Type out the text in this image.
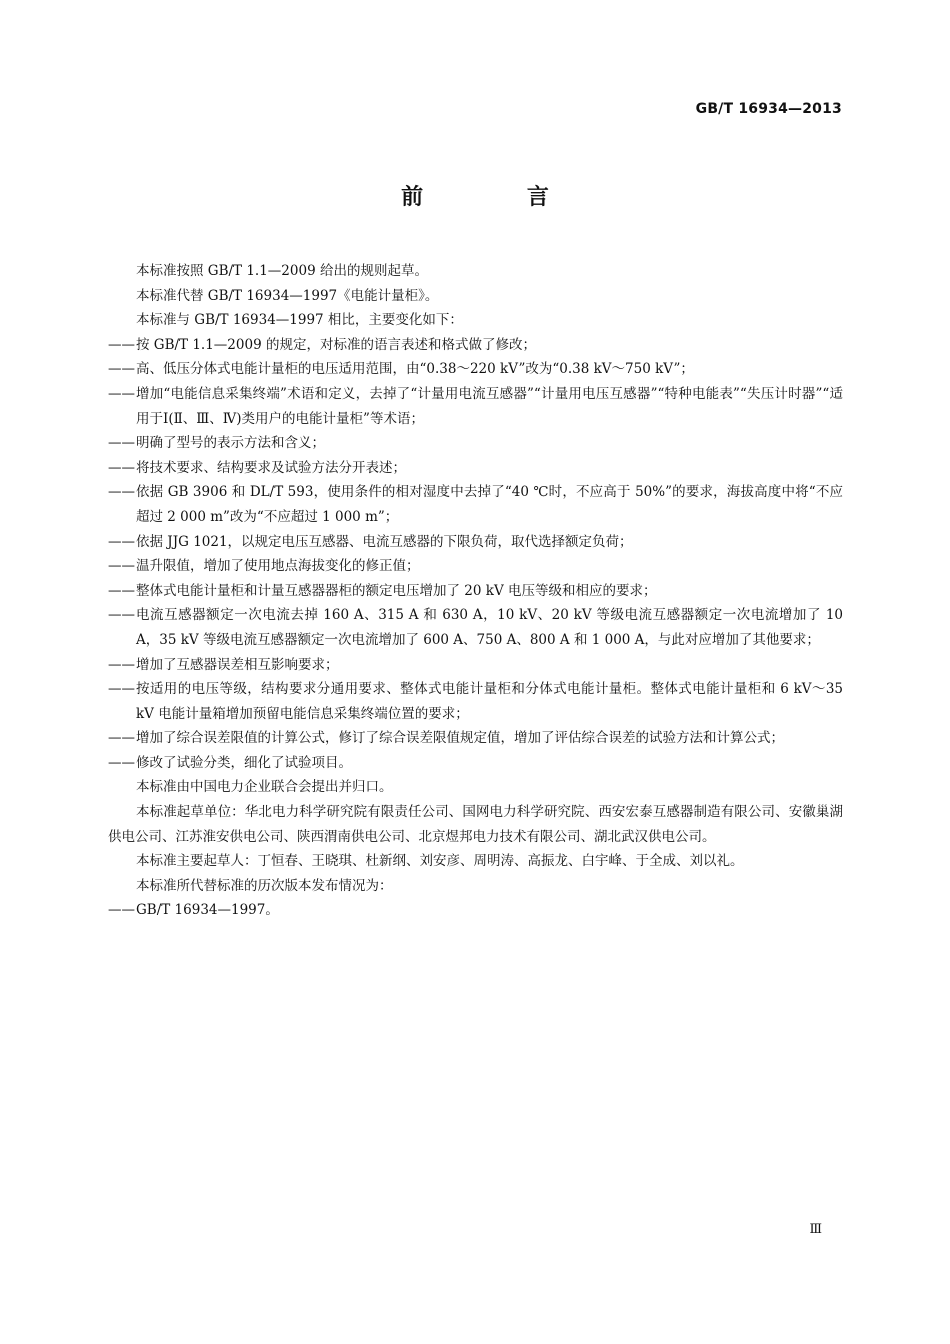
GB/T 16934—2013
前 言

本标准按照 GB/T 1.1—2009 给出的规则起草。

本标准代替 GB/T 16934—1997《电能计量柜》。

本标准与 GB/T 16934—1997 相比，主要变化如下：

—— 按 GB/T 1.1—2009 的规定，对标准的语言表述和格式做了修改；
—— 高、低压分体式电能计量柜的电压适用范围，由“0.38～220 kV”改为“0.38 kV～750 kV”；
—— 增加“电能信息采集终端”术语和定义，去掉了“计量用电流互感器”“计量用电压互感器”“特种电能表”“失压计时器”“适用于Ⅰ(Ⅱ、Ⅲ、Ⅳ)类用户的电能计量柜”等术语；
—— 明确了型号的表示方法和含义；
—— 将技术要求、结构要求及试验方法分开表述；
—— 依据 GB 3906 和 DL/T 593，使用条件的相对湿度中去掉了“40 ℃时，不应高于 50%”的要求，海拔高度中将“不应超过 2 000 m”改为“不应超过 1 000 m”；
—— 依据 JJG 1021，以规定电压互感器、电流互感器的下限负荷，取代选择额定负荷；
—— 温升限值，增加了使用地点海拔变化的修正值；
—— 整体式电能计量柜和计量互感器器柜的额定电压增加了 20 kV 电压等级和相应的要求；
—— 电流互感器额定一次电流去掉 160 A、315 A 和 630 A，10 kV、20 kV 等级电流互感器额定一次电流增加了 10 A，35 kV 等级电流互感器额定一次电流增加了 600 A、750 A、800 A 和 1 000 A，与此对应增加了其他要求；
—— 增加了互感器误差相互影响要求；
—— 按适用的电压等级，结构要求分通用要求、整体式电能计量柜和分体式电能计量柜。整体式电能计量柜和 6 kV～35 kV 电能计量箱增加预留电能信息采集终端位置的要求；
—— 增加了综合误差限值的计算公式，修订了综合误差限值规定值，增加了评估综合误差的试验方法和计算公式；
—— 修改了试验分类，细化了试验项目。

本标准由中国电力企业联合会提出并归口。

本标准起草单位：华北电力科学研究院有限责任公司、国网电力科学研究院、西安宏泰互感器制造有限公司、安徽巢湖供电公司、江苏淮安供电公司、陕西渭南供电公司、北京煜邦电力技术有限公司、湖北武汉供电公司。

本标准主要起草人：丁恒春、王晓琪、杜新纲、刘安彦、周明涛、高振龙、白宇峰、于全成、刘以礼。

本标准所代替标准的历次版本发布情况为：

—— GB/T 16934—1997。
Ⅲ
